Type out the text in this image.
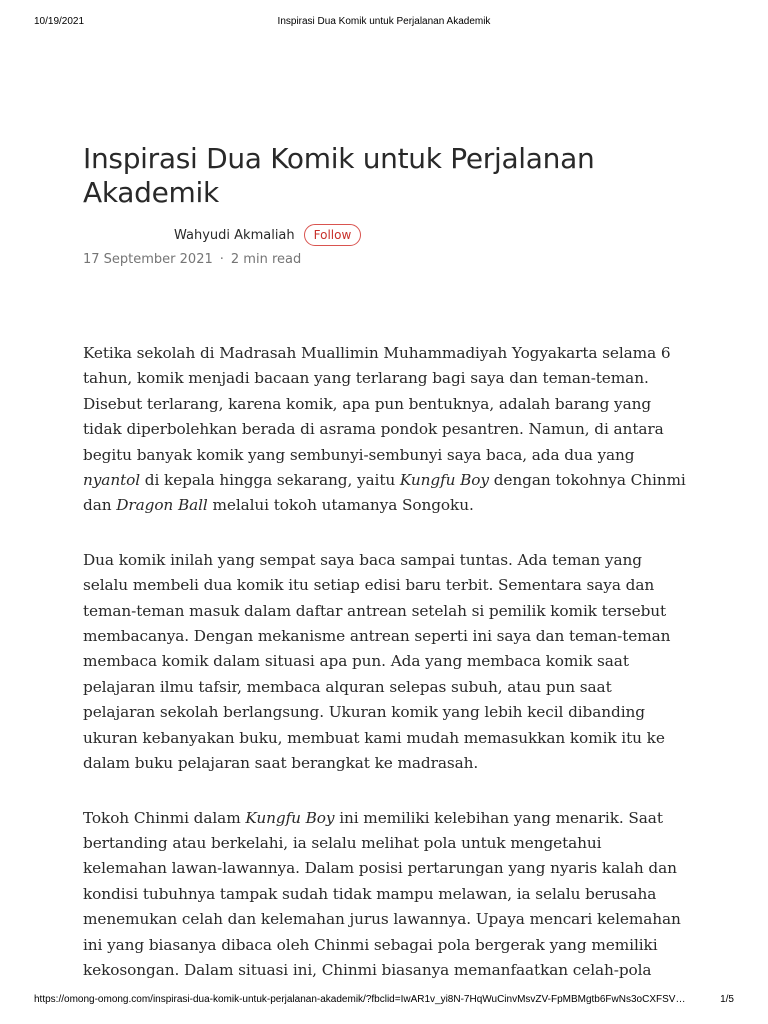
10/19/2021	Inspirasi Dua Komik untuk Perjalanan Akademik
Inspirasi Dua Komik untuk Perjalanan Akademik
Wahyudi Akmaliah	Follow
17 September 2021 · 2 min read

Ketika sekolah di Madrasah Muallimin Muhammadiyah Yogyakarta selama 6 tahun, komik menjadi bacaan yang terlarang bagi saya dan teman-teman. Disebut terlarang, karena komik, apa pun bentuknya, adalah barang yang tidak diperbolehkan berada di asrama pondok pesantren. Namun, di antara begitu banyak komik yang sembunyi-sembunyi saya baca, ada dua yang nyantol di kepala hingga sekarang, yaitu Kungfu Boy dengan tokohnya Chinmi dan Dragon Ball melalui tokoh utamanya Songoku.

Dua komik inilah yang sempat saya baca sampai tuntas. Ada teman yang selalu membeli dua komik itu setiap edisi baru terbit. Sementara saya dan teman-teman masuk dalam daftar antrean setelah si pemilik komik tersebut membacanya. Dengan mekanisme antrean seperti ini saya dan teman-teman membaca komik dalam situasi apa pun. Ada yang membaca komik saat pelajaran ilmu tafsir, membaca alquran selepas subuh, atau pun saat pelajaran sekolah berlangsung. Ukuran komik yang lebih kecil dibanding ukuran kebanyakan buku, membuat kami mudah memasukkan komik itu ke dalam buku pelajaran saat berangkat ke madrasah.

Tokoh Chinmi dalam Kungfu Boy ini memiliki kelebihan yang menarik. Saat bertanding atau berkelahi, ia selalu melihat pola untuk mengetahui kelemahan lawan-lawannya. Dalam posisi pertarungan yang nyaris kalah dan kondisi tubuhnya tampak sudah tidak mampu melawan, ia selalu berusaha menemukan celah dan kelemahan jurus lawannya. Upaya mencari kelemahan ini yang biasanya dibaca oleh Chinmi sebagai pola bergerak yang memiliki kekosongan. Dalam situasi ini, Chinmi biasanya memanfaatkan celah-pola

https://omong-omong.com/inspirasi-dua-komik-untuk-perjalanan-akademik/?fbclid=IwAR1v_yi8N-7HqWuCinvMsvZV-FpMBMgtb6FwNs3oCXFSV…	1/5
